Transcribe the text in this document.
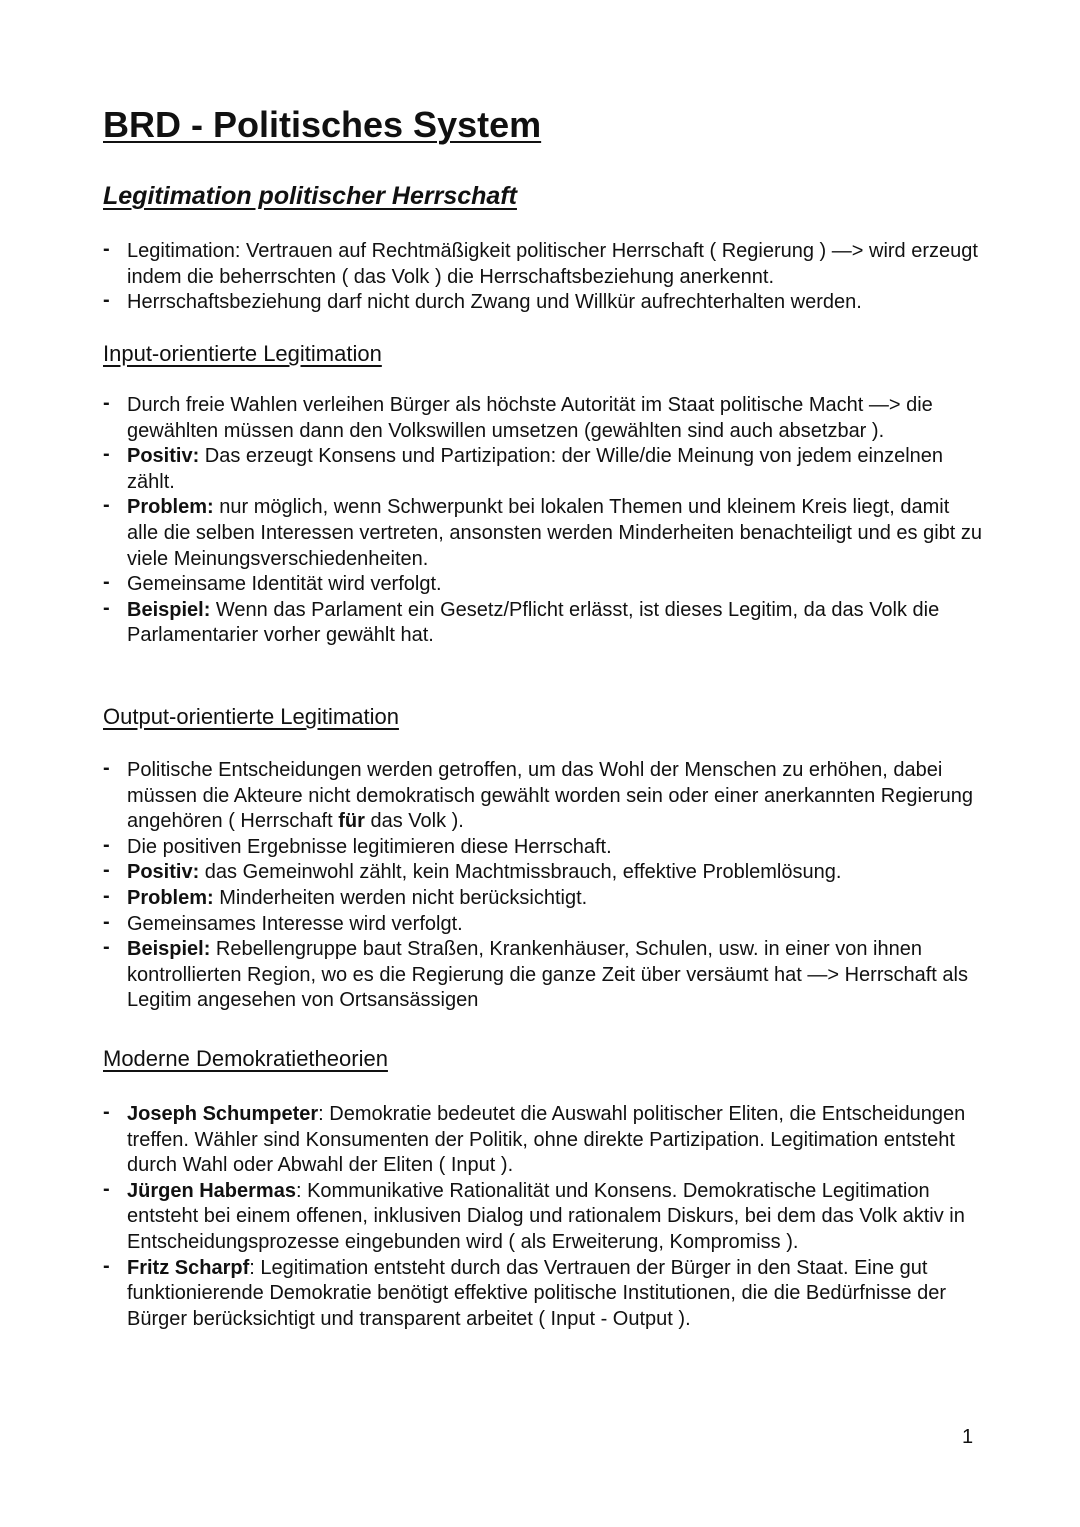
BRD - Politisches System
Legitimation politischer Herrschaft
- Legitimation: Vertrauen auf Rechtmäßigkeit politischer Herrschaft ( Regierung ) —> wird erzeugt indem die beherrschten ( das Volk ) die Herrschaftsbeziehung anerkennt.
- Herrschaftsbeziehung darf nicht durch Zwang und Willkür aufrechterhalten werden.
Input-orientierte Legitimation
- Durch freie Wahlen verleihen Bürger als höchste Autorität im Staat politische Macht —> die gewählten müssen dann den Volkswillen umsetzen (gewählten sind auch absetzbar ).
- Positiv: Das erzeugt Konsens und Partizipation: der Wille/die Meinung von jedem einzelnen zählt.
- Problem: nur möglich, wenn Schwerpunkt bei lokalen Themen und kleinem Kreis liegt, damit alle die selben Interessen vertreten, ansonsten werden Minderheiten benachteiligt und es gibt zu viele Meinungsverschiedenheiten.
- Gemeinsame Identität wird verfolgt.
- Beispiel: Wenn das Parlament ein Gesetz/Pflicht erlässt, ist dieses Legitim, da das Volk die Parlamentarier vorher gewählt hat.
Output-orientierte Legitimation
- Politische Entscheidungen werden getroffen, um das Wohl der Menschen zu erhöhen, dabei müssen die Akteure nicht demokratisch gewählt worden sein oder einer anerkannten Regierung angehören ( Herrschaft für das Volk ).
- Die positiven Ergebnisse legitimieren diese Herrschaft.
- Positiv: das Gemeinwohl zählt, kein Machtmissbrauch, effektive Problemlösung.
- Problem: Minderheiten werden nicht berücksichtigt.
- Gemeinsames Interesse wird verfolgt.
- Beispiel: Rebellengruppe baut Straßen, Krankenhäuser, Schulen, usw. in einer von ihnen kontrollierten Region, wo es die Regierung die ganze Zeit über versäumt hat —> Herrschaft als Legitim angesehen von Ortsansässigen
Moderne Demokratietheorien
- Joseph Schumpeter: Demokratie bedeutet die Auswahl politischer Eliten, die Entscheidungen treffen. Wähler sind Konsumenten der Politik, ohne direkte Partizipation. Legitimation entsteht durch Wahl oder Abwahl der Eliten ( Input ).
- Jürgen Habermas: Kommunikative Rationalität und Konsens. Demokratische Legitimation entsteht bei einem offenen, inklusiven Dialog und rationalem Diskurs, bei dem das Volk aktiv in Entscheidungsprozesse eingebunden wird ( als Erweiterung, Kompromiss ).
- Fritz Scharpf: Legitimation entsteht durch das Vertrauen der Bürger in den Staat. Eine gut funktionierende Demokratie benötigt effektive politische Institutionen, die die Bedürfnisse der Bürger berücksichtigt und transparent arbeitet ( Input - Output ).
1
